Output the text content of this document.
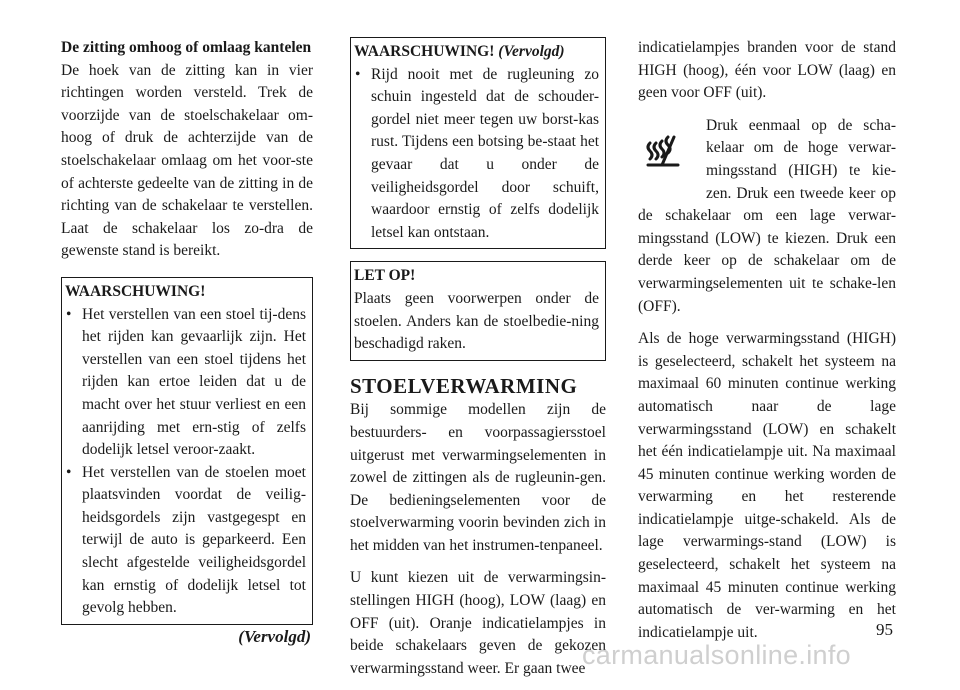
De zitting omhoog of omlaag kantelen

De hoek van de zitting kan in vier richtingen worden versteld. Trek de voorzijde van de stoelschakelaar om-hoog of druk de achterzijde van de stoelschakelaar omlaag om het voor-ste of achterste gedeelte van de zitting in de richting van de schakelaar te verstellen. Laat de schakelaar los zo-dra de gewenste stand is bereikt.

WAARSCHUWING!

• Het verstellen van een stoel tij-dens het rijden kan gevaarlijk zijn. Het verstellen van een stoel tijdens het rijden kan ertoe leiden dat u de macht over het stuur verliest en een aanrijding met ern-stig of zelfs dodelijk letsel veroor-zaakt.
• Het verstellen van de stoelen moet plaatsvinden voordat de veilig-heidsgordels zijn vastgegespt en terwijl de auto is geparkeerd. Een slecht afgestelde veiligheidsgordel kan ernstig of dodelijk letsel tot gevolg hebben.
(Vervolgd)

WAARSCHUWING! (Vervolgd)

• Rijd nooit met de rugleuning zo schuin ingesteld dat de schouder-gordel niet meer tegen uw borst-kas rust. Tijdens een botsing be-staat het gevaar dat u onder de veiligheidsgordel door schuift, waardoor ernstig of zelfs dodelijk letsel kan ontstaan.

LET OP!

Plaats geen voorwerpen onder de stoelen. Anders kan de stoelbedie-ning beschadigd raken.

STOELVERWARMING

Bij sommige modellen zijn de bestuurders- en voorpassagiersstoel uitgerust met verwarmingselementen in zowel de zittingen als de rugleunin-gen. De bedieningselementen voor de stoelverwarming voorin bevinden zich in het midden van het instrumen-tenpaneel.

U kunt kiezen uit de verwarmingsin-stellingen HIGH (hoog), LOW (laag) en OFF (uit). Oranje indicatielampjes in beide schakelaars geven de gekozen verwarmingsstand weer. Er gaan twee

indicatielampjes branden voor de stand HIGH (hoog), één voor LOW (laag) en geen voor OFF (uit).

Druk eenmaal op de scha-kelaar om de hoge verwar-mingsstand (HIGH) te kie-zen. Druk een tweede keer op de schakelaar om een lage verwar-mingsstand (LOW) te kiezen. Druk een derde keer op de schakelaar om de verwarmingselementen uit te schake-len (OFF).

Als de hoge verwarmingsstand (HIGH) is geselecteerd, schakelt het systeem na maximaal 60 minuten continue werking automatisch naar de lage verwarmingsstand (LOW) en schakelt het één indicatielampje uit. Na maximaal 45 minuten continue werking worden de verwarming en het resterende indicatielampje uitge-schakeld. Als de lage verwarmings-stand (LOW) is geselecteerd, schakelt het systeem na maximaal 45 minuten continue werking automatisch de ver-warming en het indicatielampje uit.	95
carmanualsonline.info
